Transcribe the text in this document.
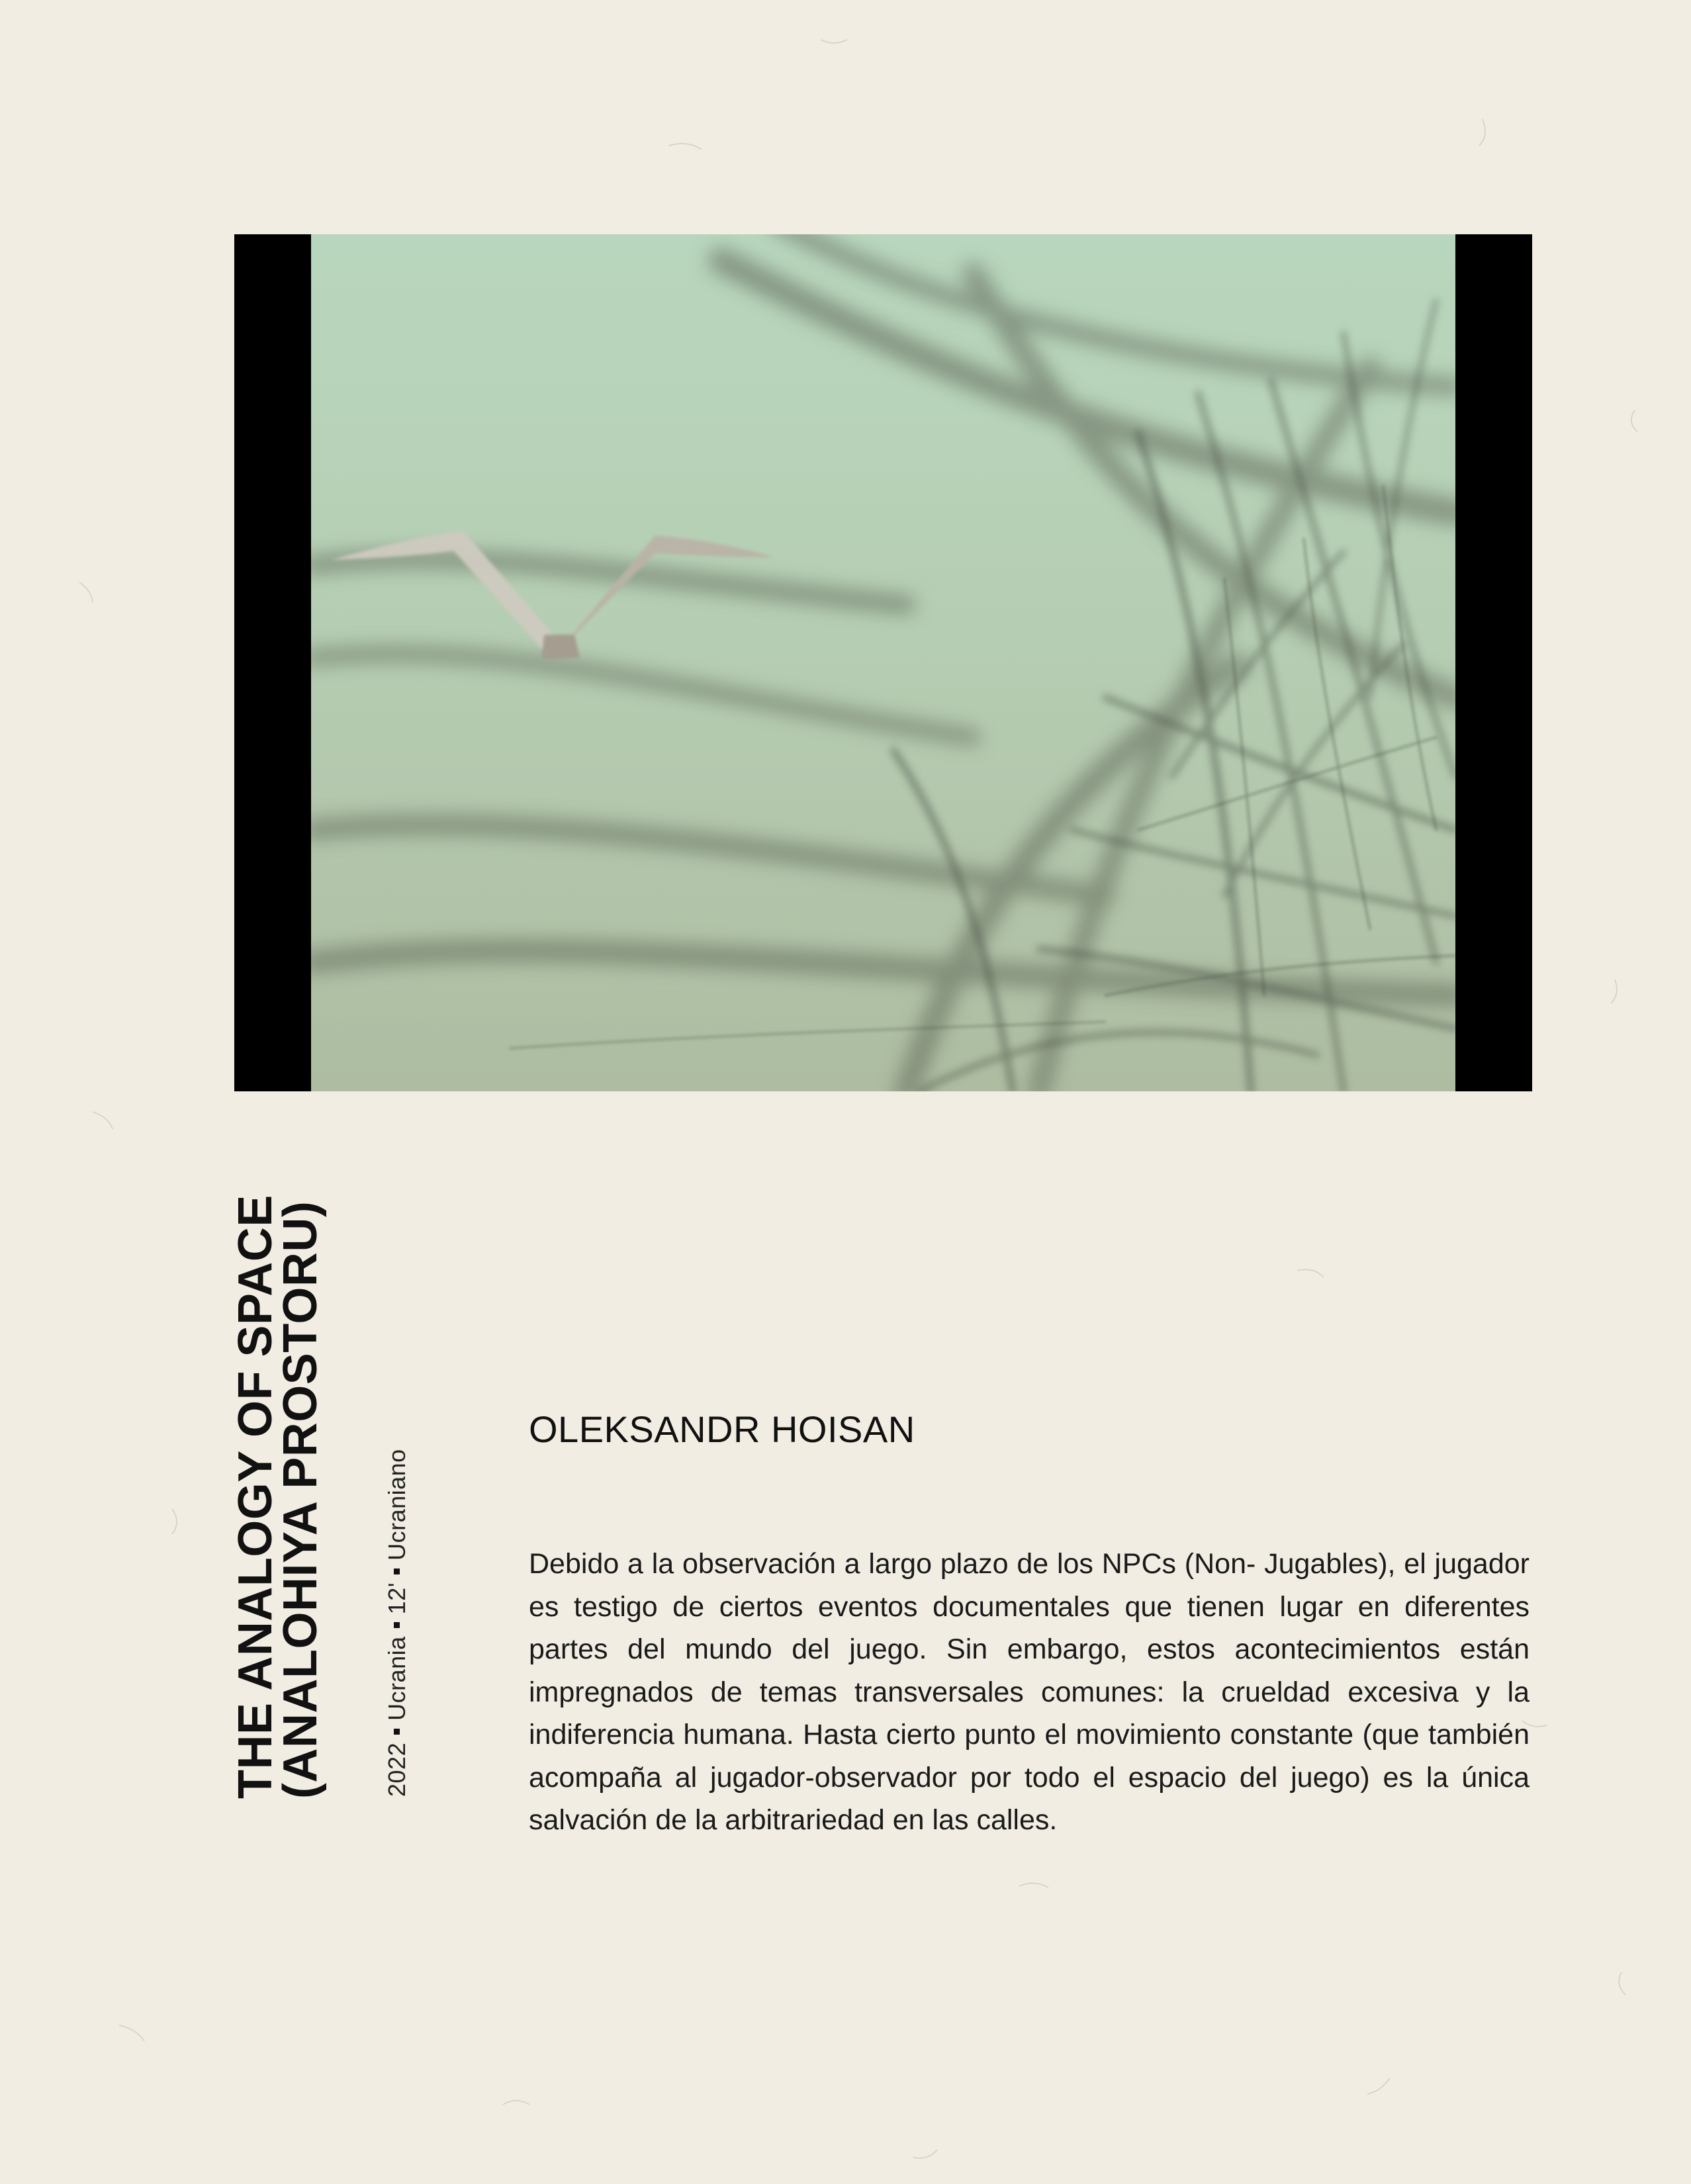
THE ANALOGY OF SPACE
(ANALOHIYA PROSTORU) 2022Ucrania12'Ucraniano
OLEKSANDR HOISAN

Debido a la observación a largo plazo de los NPCs (Non- Jugables), el jugador es testigo de ciertos eventos documentales que tienen lugar en diferentes partes del mundo del juego. Sin embargo, estos acontecimientos están impregnados de temas transversales comunes: la crueldad excesiva y la indiferencia humana. Hasta cierto punto el movimiento constante (que también acompaña al jugador-observador por todo el espacio del juego) es la única salvación de la arbitrariedad en las calles.
